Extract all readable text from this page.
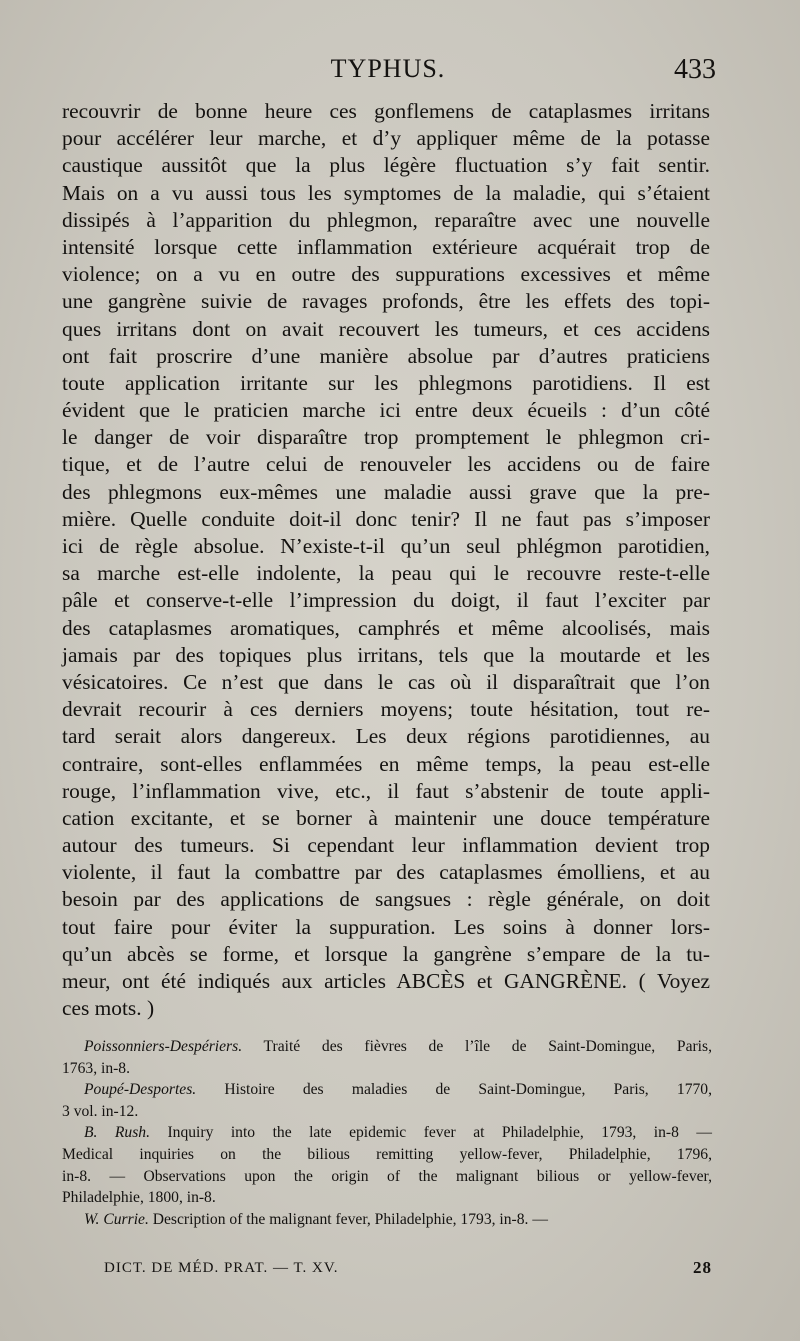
TYPHUS.	433
recouvrir de bonne heure ces gonflemens de cataplasmes irritans
pour accélérer leur marche, et d’y appliquer même de la potasse
caustique aussitôt que la plus légère fluctuation s’y fait sentir.
Mais on a vu aussi tous les symptomes de la maladie, qui s’étaient
dissipés à l’apparition du phlegmon, reparaître avec une nouvelle
intensité lorsque cette inflammation extérieure acquérait trop de
violence; on a vu en outre des suppurations excessives et même
une gangrène suivie de ravages profonds, être les effets des topi-
ques irritans dont on avait recouvert les tumeurs, et ces accidens
ont fait proscrire d’une manière absolue par d’autres praticiens
toute application irritante sur les phlegmons parotidiens. Il est
évident que le praticien marche ici entre deux écueils : d’un côté
le danger de voir disparaître trop promptement le phlegmon cri-
tique, et de l’autre celui de renouveler les accidens ou de faire
des phlegmons eux-mêmes une maladie aussi grave que la pre-
mière. Quelle conduite doit-il donc tenir? Il ne faut pas s’imposer
ici de règle absolue. N’existe-t-il qu’un seul phlégmon parotidien,
sa marche est-elle indolente, la peau qui le recouvre reste-t-elle
pâle et conserve-t-elle l’impression du doigt, il faut l’exciter par
des cataplasmes aromatiques, camphrés et même alcoolisés, mais
jamais par des topiques plus irritans, tels que la moutarde et les
vésicatoires. Ce n’est que dans le cas où il disparaîtrait que l’on
devrait recourir à ces derniers moyens; toute hésitation, tout re-
tard serait alors dangereux. Les deux régions parotidiennes, au
contraire, sont-elles enflammées en même temps, la peau est-elle
rouge, l’inflammation vive, etc., il faut s’abstenir de toute appli-
cation excitante, et se borner à maintenir une douce température
autour des tumeurs. Si cependant leur inflammation devient trop
violente, il faut la combattre par des cataplasmes émolliens, et au
besoin par des applications de sangsues : règle générale, on doit
tout faire pour éviter la suppuration. Les soins à donner lors-
qu’un abcès se forme, et lorsque la gangrène s’empare de la tu-
meur, ont été indiqués aux articles ABCÈS et GANGRÈNE. ( Voyez
ces mots. )
Poissonniers-Despériers. Traité des fièvres de l’île de Saint-Domingue, Paris,
1763, in-8.
Poupé-Desportes. Histoire des maladies de Saint-Domingue, Paris, 1770,
3 vol. in-12.
B. Rush. Inquiry into the late epidemic fever at Philadelphie, 1793, in-8 —
Medical inquiries on the bilious remitting yellow-fever, Philadelphie, 1796,
in-8. — Observations upon the origin of the malignant bilious or yellow-fever,
Philadelphie, 1800, in-8.
W. Currie. Description of the malignant fever, Philadelphie, 1793, in-8. —
DICT. DE MÉD. PRAT. — T. XV.	28
